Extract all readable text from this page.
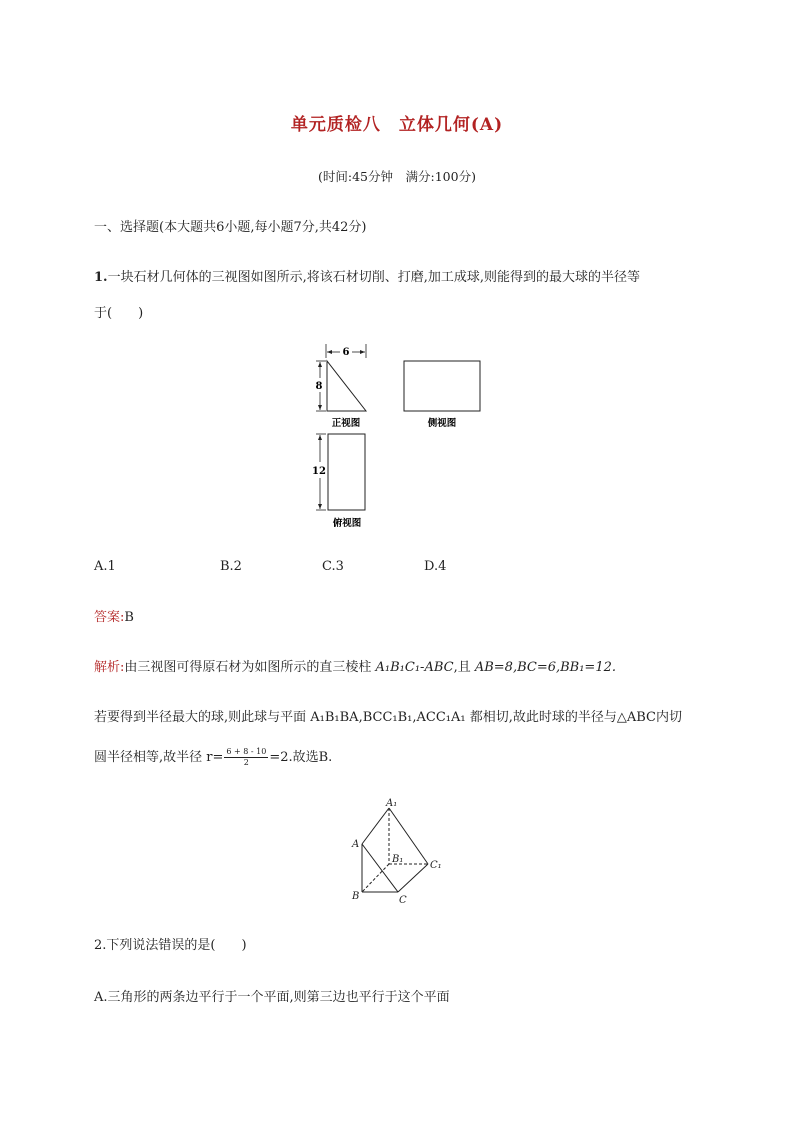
单元质检八　立体几何(A)
(时间:45分钟　满分:100分)
一、选择题(本大题共6小题,每小题7分,共42分)
1.一块石材几何体的三视图如图所示,将该石材切削、打磨,加工成球,则能得到的最大球的半径等
于(　　)
6
8
正视图	侧视图
12
俯视图
A.1	B.2	C.3	D.4
答案:B
解析:由三视图可得原石材为如图所示的直三棱柱 A₁B₁C₁-ABC,且 AB=8,BC=6,BB₁=12.
若要得到半径最大的球,则此球与平面 A₁B₁BA,BCC₁B₁,ACC₁A₁ 都相切,故此时球的半径与△ABC内切
圆半径相等,故半径 $r= \frac{6 + 8 - 10}{2} =2$.故选B.
A₁
A
B₁
C₁
B	C
2.下列说法错误的是(　　)
A.三角形的两条边平行于一个平面,则第三边也平行于这个平面
